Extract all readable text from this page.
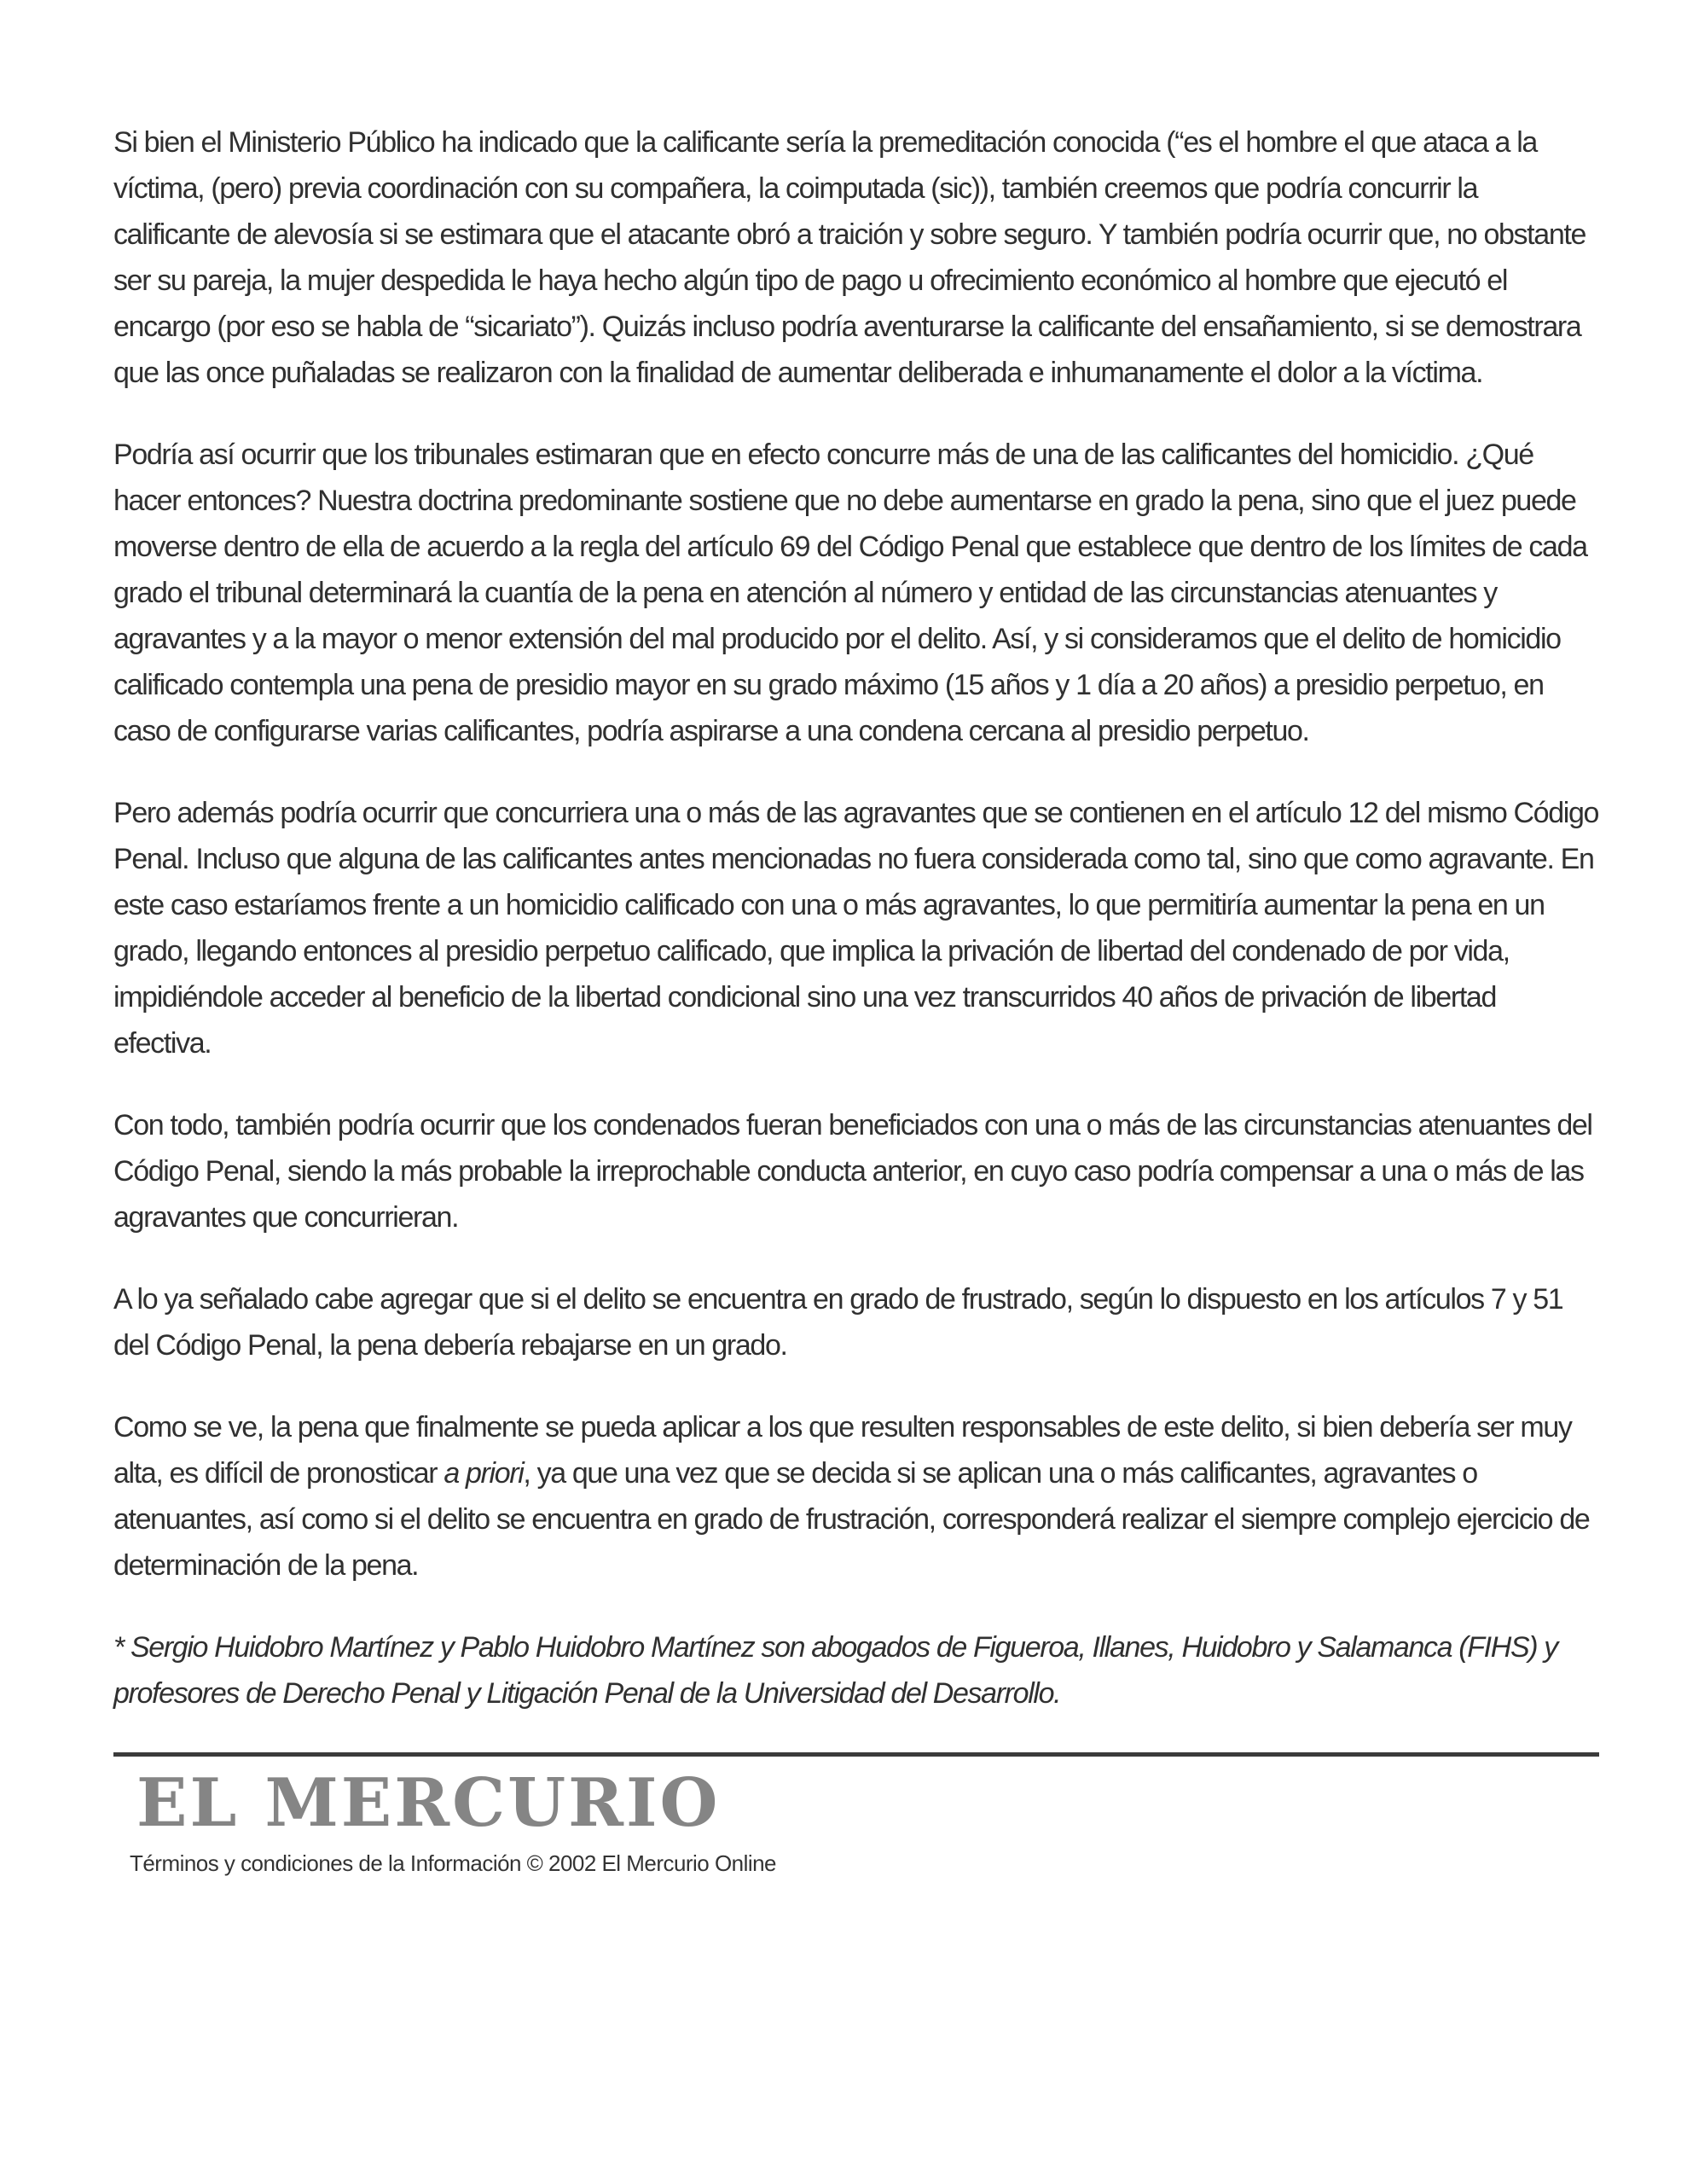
Si bien el Ministerio Público ha indicado que la calificante sería la premeditación conocida (“es el hombre el que ataca a la víctima, (pero) previa coordinación con su compañera, la coimputada (sic)), también creemos que podría concurrir la calificante de alevosía si se estimara que el atacante obró a traición y sobre seguro. Y también podría ocurrir que, no obstante ser su pareja, la mujer despedida le haya hecho algún tipo de pago u ofrecimiento económico al hombre que ejecutó el encargo (por eso se habla de “sicariato”). Quizás incluso podría aventurarse la calificante del ensañamiento, si se demostrara que las once puñaladas se realizaron con la finalidad de aumentar deliberada e inhumanamente el dolor a la víctima.

Podría así ocurrir que los tribunales estimaran que en efecto concurre más de una de las calificantes del homicidio. ¿Qué hacer entonces? Nuestra doctrina predominante sostiene que no debe aumentarse en grado la pena, sino que el juez puede moverse dentro de ella de acuerdo a la regla del artículo 69 del Código Penal que establece que dentro de los límites de cada grado el tribunal determinará la cuantía de la pena en atención al número y entidad de las circunstancias atenuantes y agravantes y a la mayor o menor extensión del mal producido por el delito. Así, y si consideramos que el delito de homicidio calificado contempla una pena de presidio mayor en su grado máximo (15 años y 1 día a 20 años) a presidio perpetuo, en caso de configurarse varias calificantes, podría aspirarse a una condena cercana al presidio perpetuo.

Pero además podría ocurrir que concurriera una o más de las agravantes que se contienen en el artículo 12 del mismo Código Penal. Incluso que alguna de las calificantes antes mencionadas no fuera considerada como tal, sino que como agravante. En este caso estaríamos frente a un homicidio calificado con una o más agravantes, lo que permitiría aumentar la pena en un grado, llegando entonces al presidio perpetuo calificado, que implica la privación de libertad del condenado de por vida, impidiéndole acceder al beneficio de la libertad condicional sino una vez transcurridos 40 años de privación de libertad efectiva.

Con todo, también podría ocurrir que los condenados fueran beneficiados con una o más de las circunstancias atenuantes del Código Penal, siendo la más probable la irreprochable conducta anterior, en cuyo caso podría compensar a una o más de las agravantes que concurrieran.

A lo ya señalado cabe agregar que si el delito se encuentra en grado de frustrado, según lo dispuesto en los artículos 7 y 51 del Código Penal, la pena debería rebajarse en un grado.

Como se ve, la pena que finalmente se pueda aplicar a los que resulten responsables de este delito, si bien debería ser muy alta, es difícil de pronosticar a priori, ya que una vez que se decida si se aplican una o más calificantes, agravantes o atenuantes, así como si el delito se encuentra en grado de frustración, corresponderá realizar el siempre complejo ejercicio de determinación de la pena.

* Sergio Huidobro Martínez y Pablo Huidobro Martínez son abogados de Figueroa, Illanes, Huidobro y Salamanca (FIHS) y profesores de Derecho Penal y Litigación Penal de la Universidad del Desarrollo.

EL MERCURIO
Términos y condiciones de la Información © 2002 El Mercurio Online
